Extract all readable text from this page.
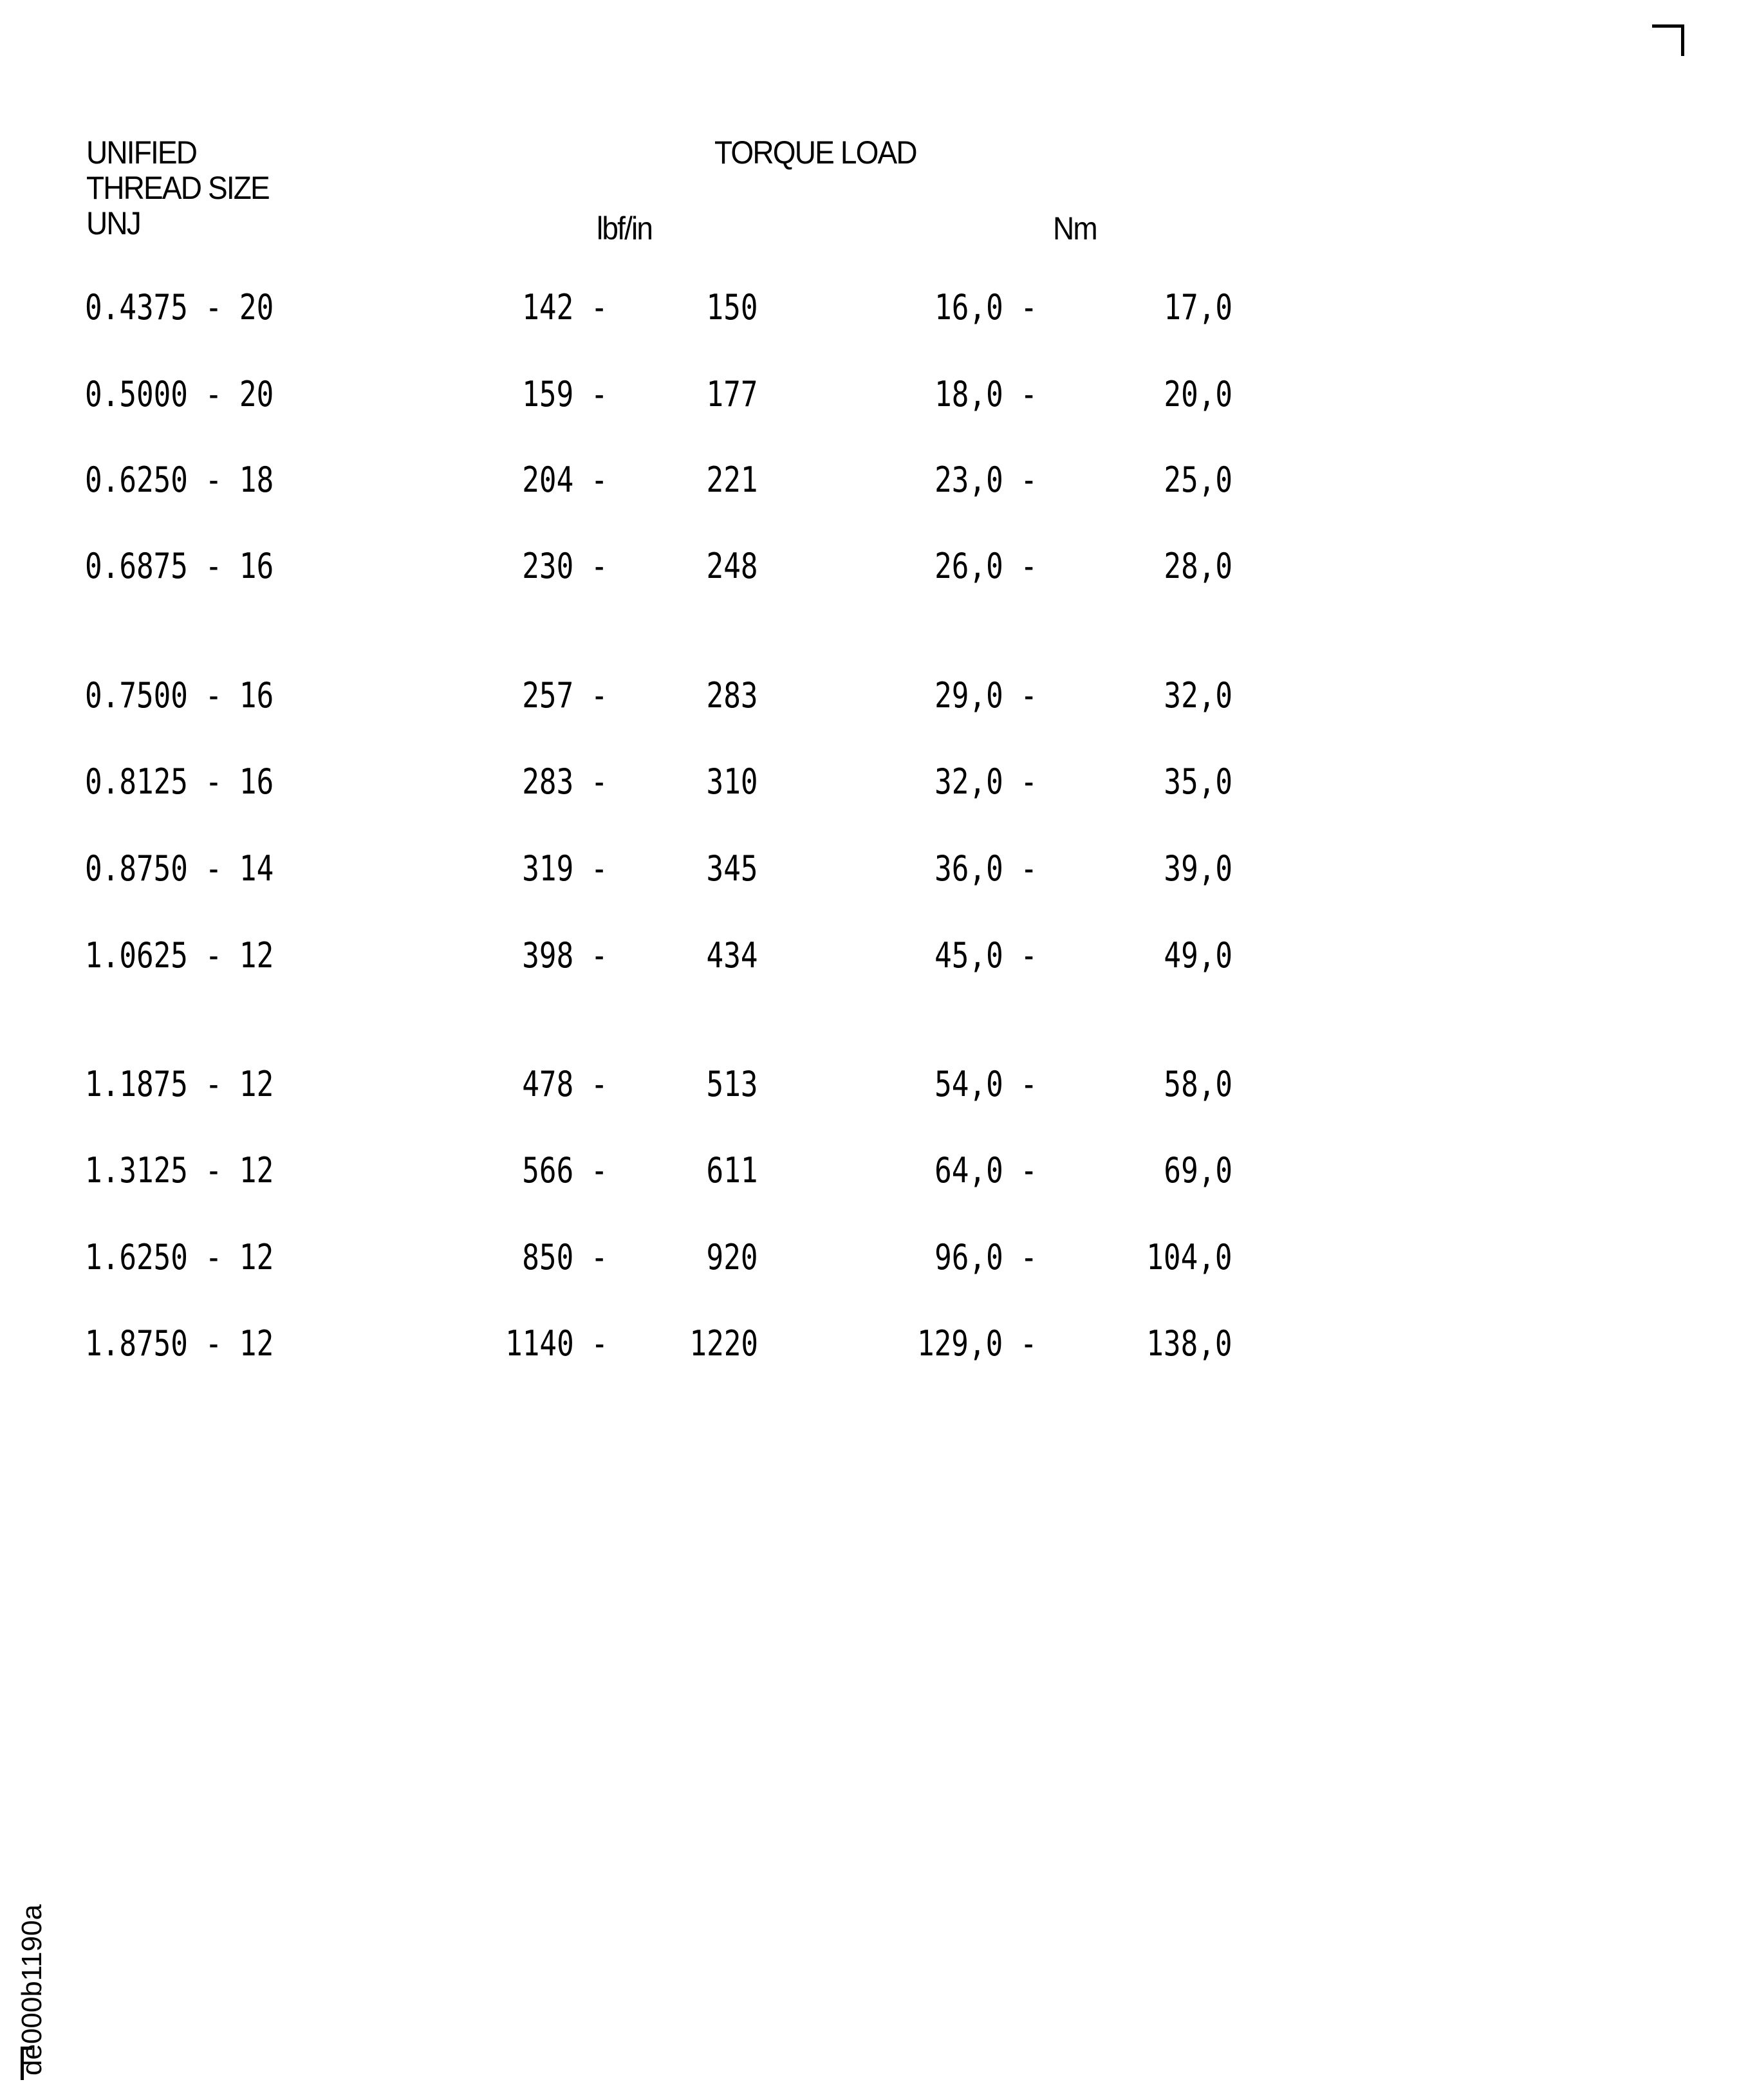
UNIFIED
THREAD SIZE
UNJ
TORQUE LOAD
lbf/in	Nm
0.4375 - 20	142 -	150	16,0 -	17,0
0.5000 - 20	159 -	177	18,0 -	20,0
0.6250 - 18	204 -	221	23,0 -	25,0
0.6875 - 16	230 -	248	26,0 -	28,0
0.7500 - 16	257 -	283	29,0 -	32,0
0.8125 - 16	283 -	310	32,0 -	35,0
0.8750 - 14	319 -	345	36,0 -	39,0
1.0625 - 12	398 -	434	45,0 -	49,0
1.1875 - 12	478 -	513	54,0 -	58,0
1.3125 - 12	566 -	611	64,0 -	69,0
1.6250 - 12	850 -	920	96,0 -	104,0
1.8750 - 12	1140 - 1220	129,0 -	138,0
de000b1190a
